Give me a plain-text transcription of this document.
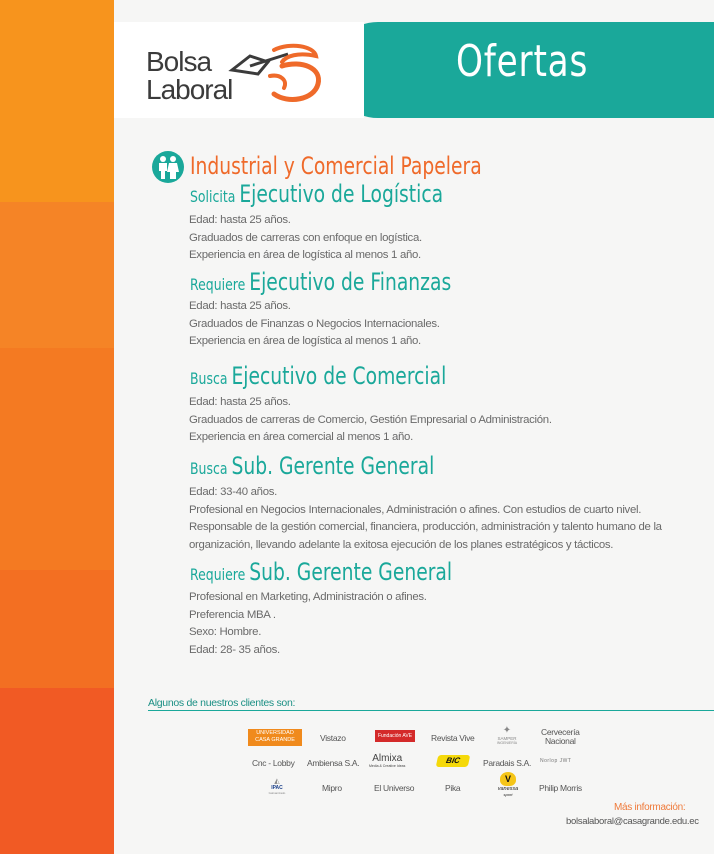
Ofertas
Bolsa
Laboral
Industrial y Comercial Papelera
Solicita Ejecutivo de Logística
Edad: hasta 25 años.
Graduados de carreras con enfoque en logística.
Experiencia en área de logística al menos 1 año.
Requiere Ejecutivo de Finanzas
Edad: hasta 25 años.
Graduados de Finanzas o Negocios Internacionales.
Experiencia en área de logística al menos 1 año.
Busca Ejecutivo de Comercial
Edad: hasta 25 años.
Graduados de carreras de Comercio, Gestión Empresarial o Administración.
Experiencia en área comercial al menos 1 año.
Busca Sub. Gerente General
Edad: 33-40 años.
Profesional en Negocios Internacionales, Administración o afines. Con estudios de cuarto nivel.
Responsable de la gestión comercial, financiera, producción, administración y talento humano de la
organización, llevando adelante la exitosa ejecución de los planes estratégicos y tácticos.
Requiere Sub. Gerente General
Profesional en Marketing, Administración o afines.
Preferencia MBA .
Sexo: Hombre.
Edad: 28- 35 años.
Algunos de nuestros clientes son:
UNIVERSIDAD
CASA GRANDE	Vistazo	Fundación AVE	Revista Vive
✦
SAMPER
INGENIERÍA
Cervecería
Nacional
Cnc - Lobby Ambiensa S.A.	Almixa
Media & Creative Ideas
BIC	Paradais S.A. Norlop JWT
◭
IPAC
Galvanizado	Mipro	El Universo	Pika
V
vanessa
sport
Philip Morris
Más información:
bolsalaboral@casagrande.edu.ec
